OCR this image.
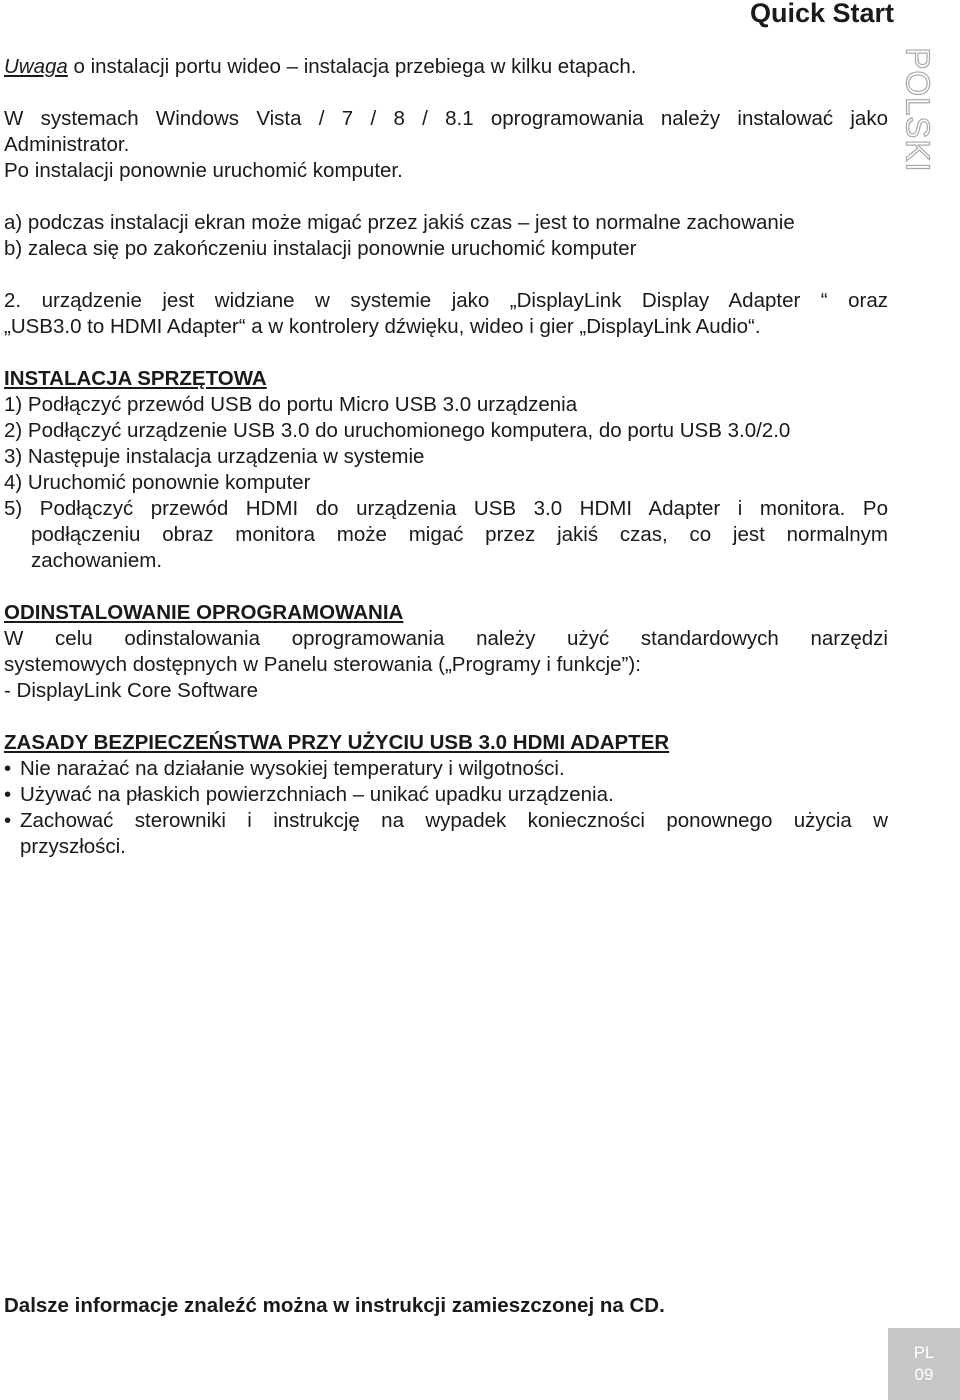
Quick Start
POLSKI
Uwaga o instalacji portu wideo – instalacja przebiega w kilku etapach.
W systemach Windows Vista / 7 / 8 / 8.1 oprogramowania należy instalować jako
Administrator.
Po instalacji ponownie uruchomić komputer.
a) podczas instalacji ekran może migać przez jakiś czas – jest to normalne zachowanie
b) zaleca się po zakończeniu instalacji ponownie uruchomić komputer
2. urządzenie jest widziane w systemie jako „DisplayLink Display Adapter “ oraz
„USB3.0 to HDMI Adapter“ a w kontrolery dźwięku, wideo i gier „DisplayLink Audio“.
INSTALACJA SPRZĘTOWA
1) Podłączyć przewód USB do portu Micro USB 3.0 urządzenia
2) Podłączyć urządzenie USB 3.0 do uruchomionego komputera, do portu USB 3.0/2.0
3) Następuje instalacja urządzenia w systemie
4) Uruchomić ponownie komputer
5) Podłączyć przewód HDMI do urządzenia USB 3.0 HDMI Adapter i monitora. Po
podłączeniu obraz monitora może migać przez jakiś czas, co jest normalnym
zachowaniem.
ODINSTALOWANIE OPROGRAMOWANIA
W celu odinstalowania oprogramowania należy użyć standardowych narzędzi
systemowych dostępnych w Panelu sterowania („Programy i funkcje”):
- DisplayLink Core Software
ZASADY BEZPIECZEŃSTWA PRZY UŻYCIU USB 3.0 HDMI ADAPTER
• Nie narażać na działanie wysokiej temperatury i wilgotności.
• Używać na płaskich powierzchniach – unikać upadku urządzenia.
• Zachować sterowniki i instrukcję na wypadek konieczności ponownego użycia w
przyszłości.
Dalsze informacje znaleźć można w instrukcji zamieszczonej na CD.
PL
09
